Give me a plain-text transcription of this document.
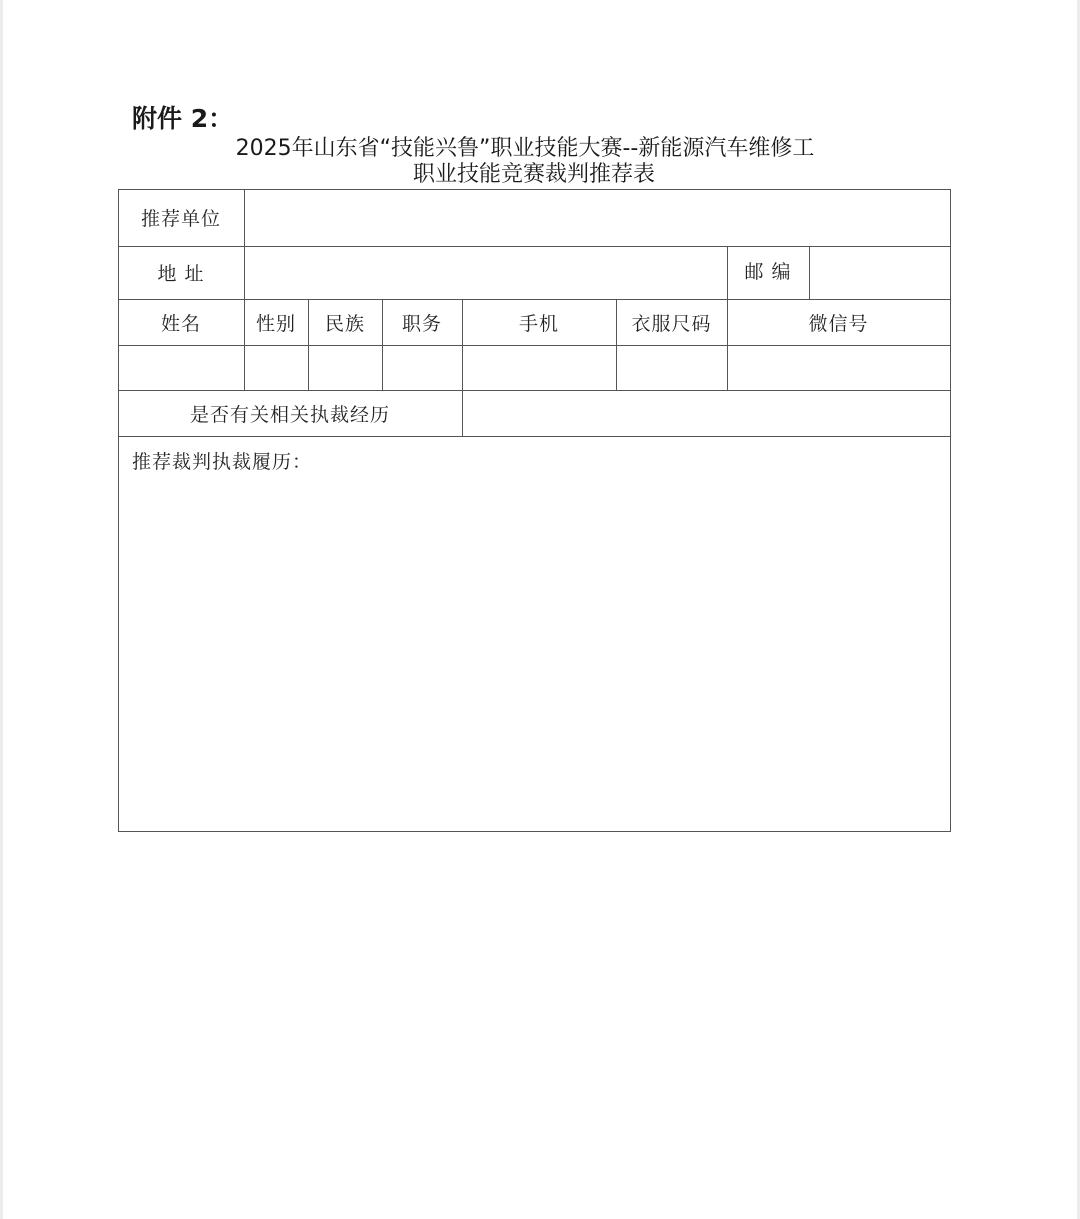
附件 2：
2025年山东省“技能兴鲁”职业技能大赛--新能源汽车维修工
职业技能竞赛裁判推荐表
推荐单位
地 址	邮 编
姓名	性别	民族	职务	手机	衣服尺码	微信号
是否有关相关执裁经历
推荐裁判执裁履历：
